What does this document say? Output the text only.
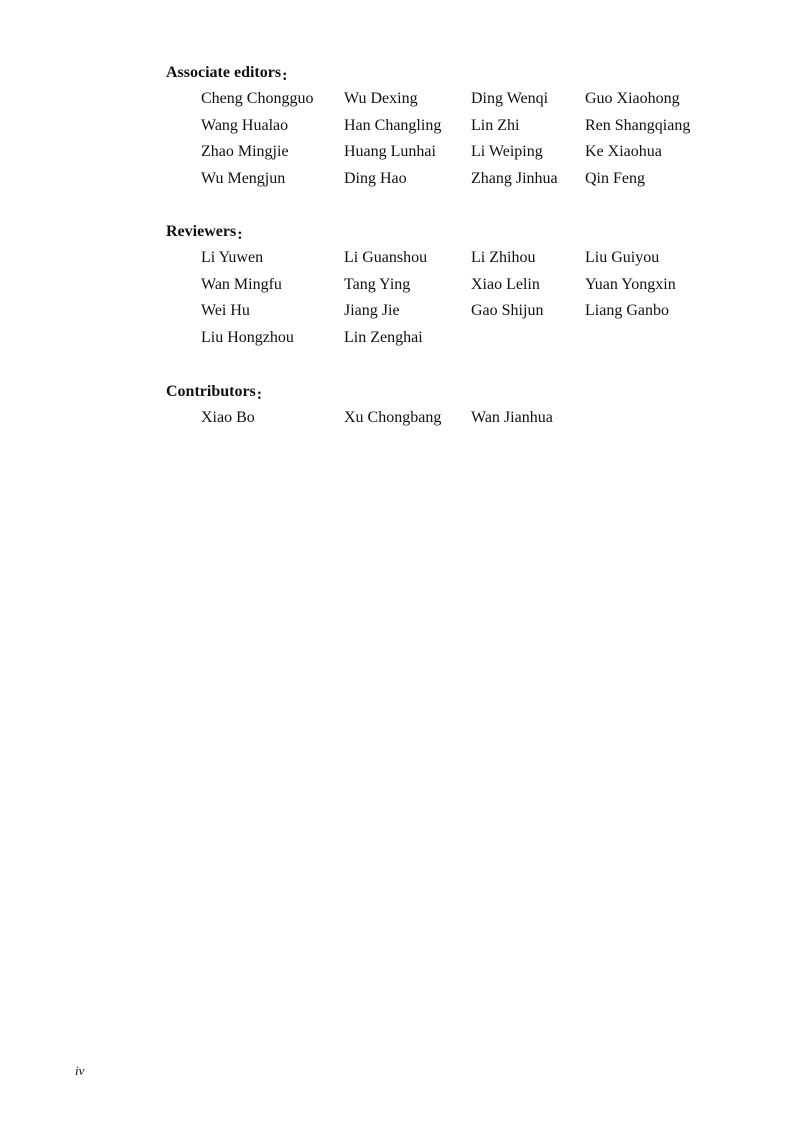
Associate editors:

Cheng Chongguo	Wu Dexing	Ding Wenqi	Guo Xiaohong
Wang Hualao	Han Changling	Lin Zhi	Ren Shangqiang
Zhao Mingjie	Huang Lunhai	Li Weiping	Ke Xiaohua
Wu Mengjun	Ding Hao	Zhang Jinhua	Qin Feng

Reviewers:

Li Yuwen	Li Guanshou	Li Zhihou	Liu Guiyou
Wan Mingfu	Tang Ying	Xiao Lelin	Yuan Yongxin
Wei Hu	Jiang Jie	Gao Shijun	Liang Ganbo
Liu Hongzhou	Lin Zenghai

Contributors:

Xiao Bo	Xu Chongbang	Wan Jianhua
iv
